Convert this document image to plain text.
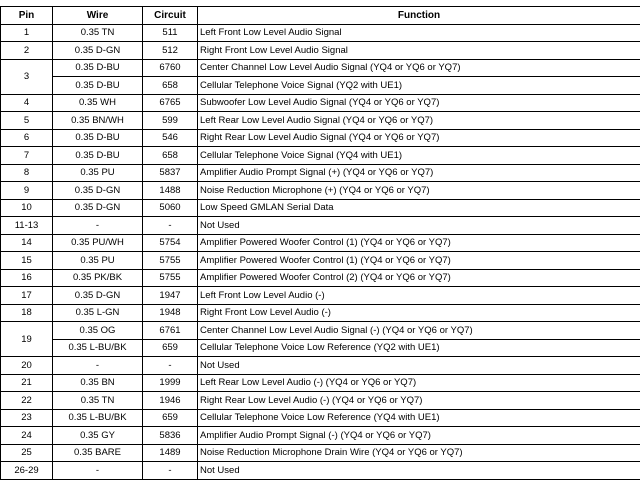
Pin	Wire	Circuit	Function
1	0.35 TN	511	Left Front Low Level Audio Signal
2	0.35 D-GN	512	Right Front Low Level Audio Signal
3	0.35 D-BU	6760	Center Channel Low Level Audio Signal (YQ4 or YQ6 or YQ7)
	0.35 D-BU	658	Cellular Telephone Voice Signal (YQ2 with UE1)
4	0.35 WH	6765	Subwoofer Low Level Audio Signal (YQ4 or YQ6 or YQ7)
5	0.35 BN/WH	599	Left Rear Low Level Audio Signal (YQ4 or YQ6 or YQ7)
6	0.35 D-BU	546	Right Rear Low Level Audio Signal (YQ4 or YQ6 or YQ7)
7	0.35 D-BU	658	Cellular Telephone Voice Signal (YQ4 with UE1)
8	0.35 PU	5837	Amplifier Audio Prompt Signal (+) (YQ4 or YQ6 or YQ7)
9	0.35 D-GN	1488	Noise Reduction Microphone (+) (YQ4 or YQ6 or YQ7)
10	0.35 D-GN	5060	Low Speed GMLAN Serial Data
11-13	-	-	Not Used
14	0.35 PU/WH	5754	Amplifier Powered Woofer Control (1) (YQ4 or YQ6 or YQ7)
15	0.35 PU	5755	Amplifier Powered Woofer Control (1) (YQ4 or YQ6 or YQ7)
16	0.35 PK/BK	5755	Amplifier Powered Woofer Control (2) (YQ4 or YQ6 or YQ7)
17	0.35 D-GN	1947	Left Front Low Level Audio (-)
18	0.35 L-GN	1948	Right Front Low Level Audio (-)
19	0.35 OG	6761	Center Channel Low Level Audio Signal (-) (YQ4 or YQ6 or YQ7)
	0.35 L-BU/BK	659	Cellular Telephone Voice Low Reference (YQ2 with UE1)
20	-	-	Not Used
21	0.35 BN	1999	Left Rear Low Level Audio (-) (YQ4 or YQ6 or YQ7)
22	0.35 TN	1946	Right Rear Low Level Audio (-) (YQ4 or YQ6 or YQ7)
23	0.35 L-BU/BK	659	Cellular Telephone Voice Low Reference (YQ4 with UE1)
24	0.35 GY	5836	Amplifier Audio Prompt Signal (-) (YQ4 or YQ6 or YQ7)
25	0.35 BARE	1489	Noise Reduction Microphone Drain Wire (YQ4 or YQ6 or YQ7)
26-29	-	-	Not Used
